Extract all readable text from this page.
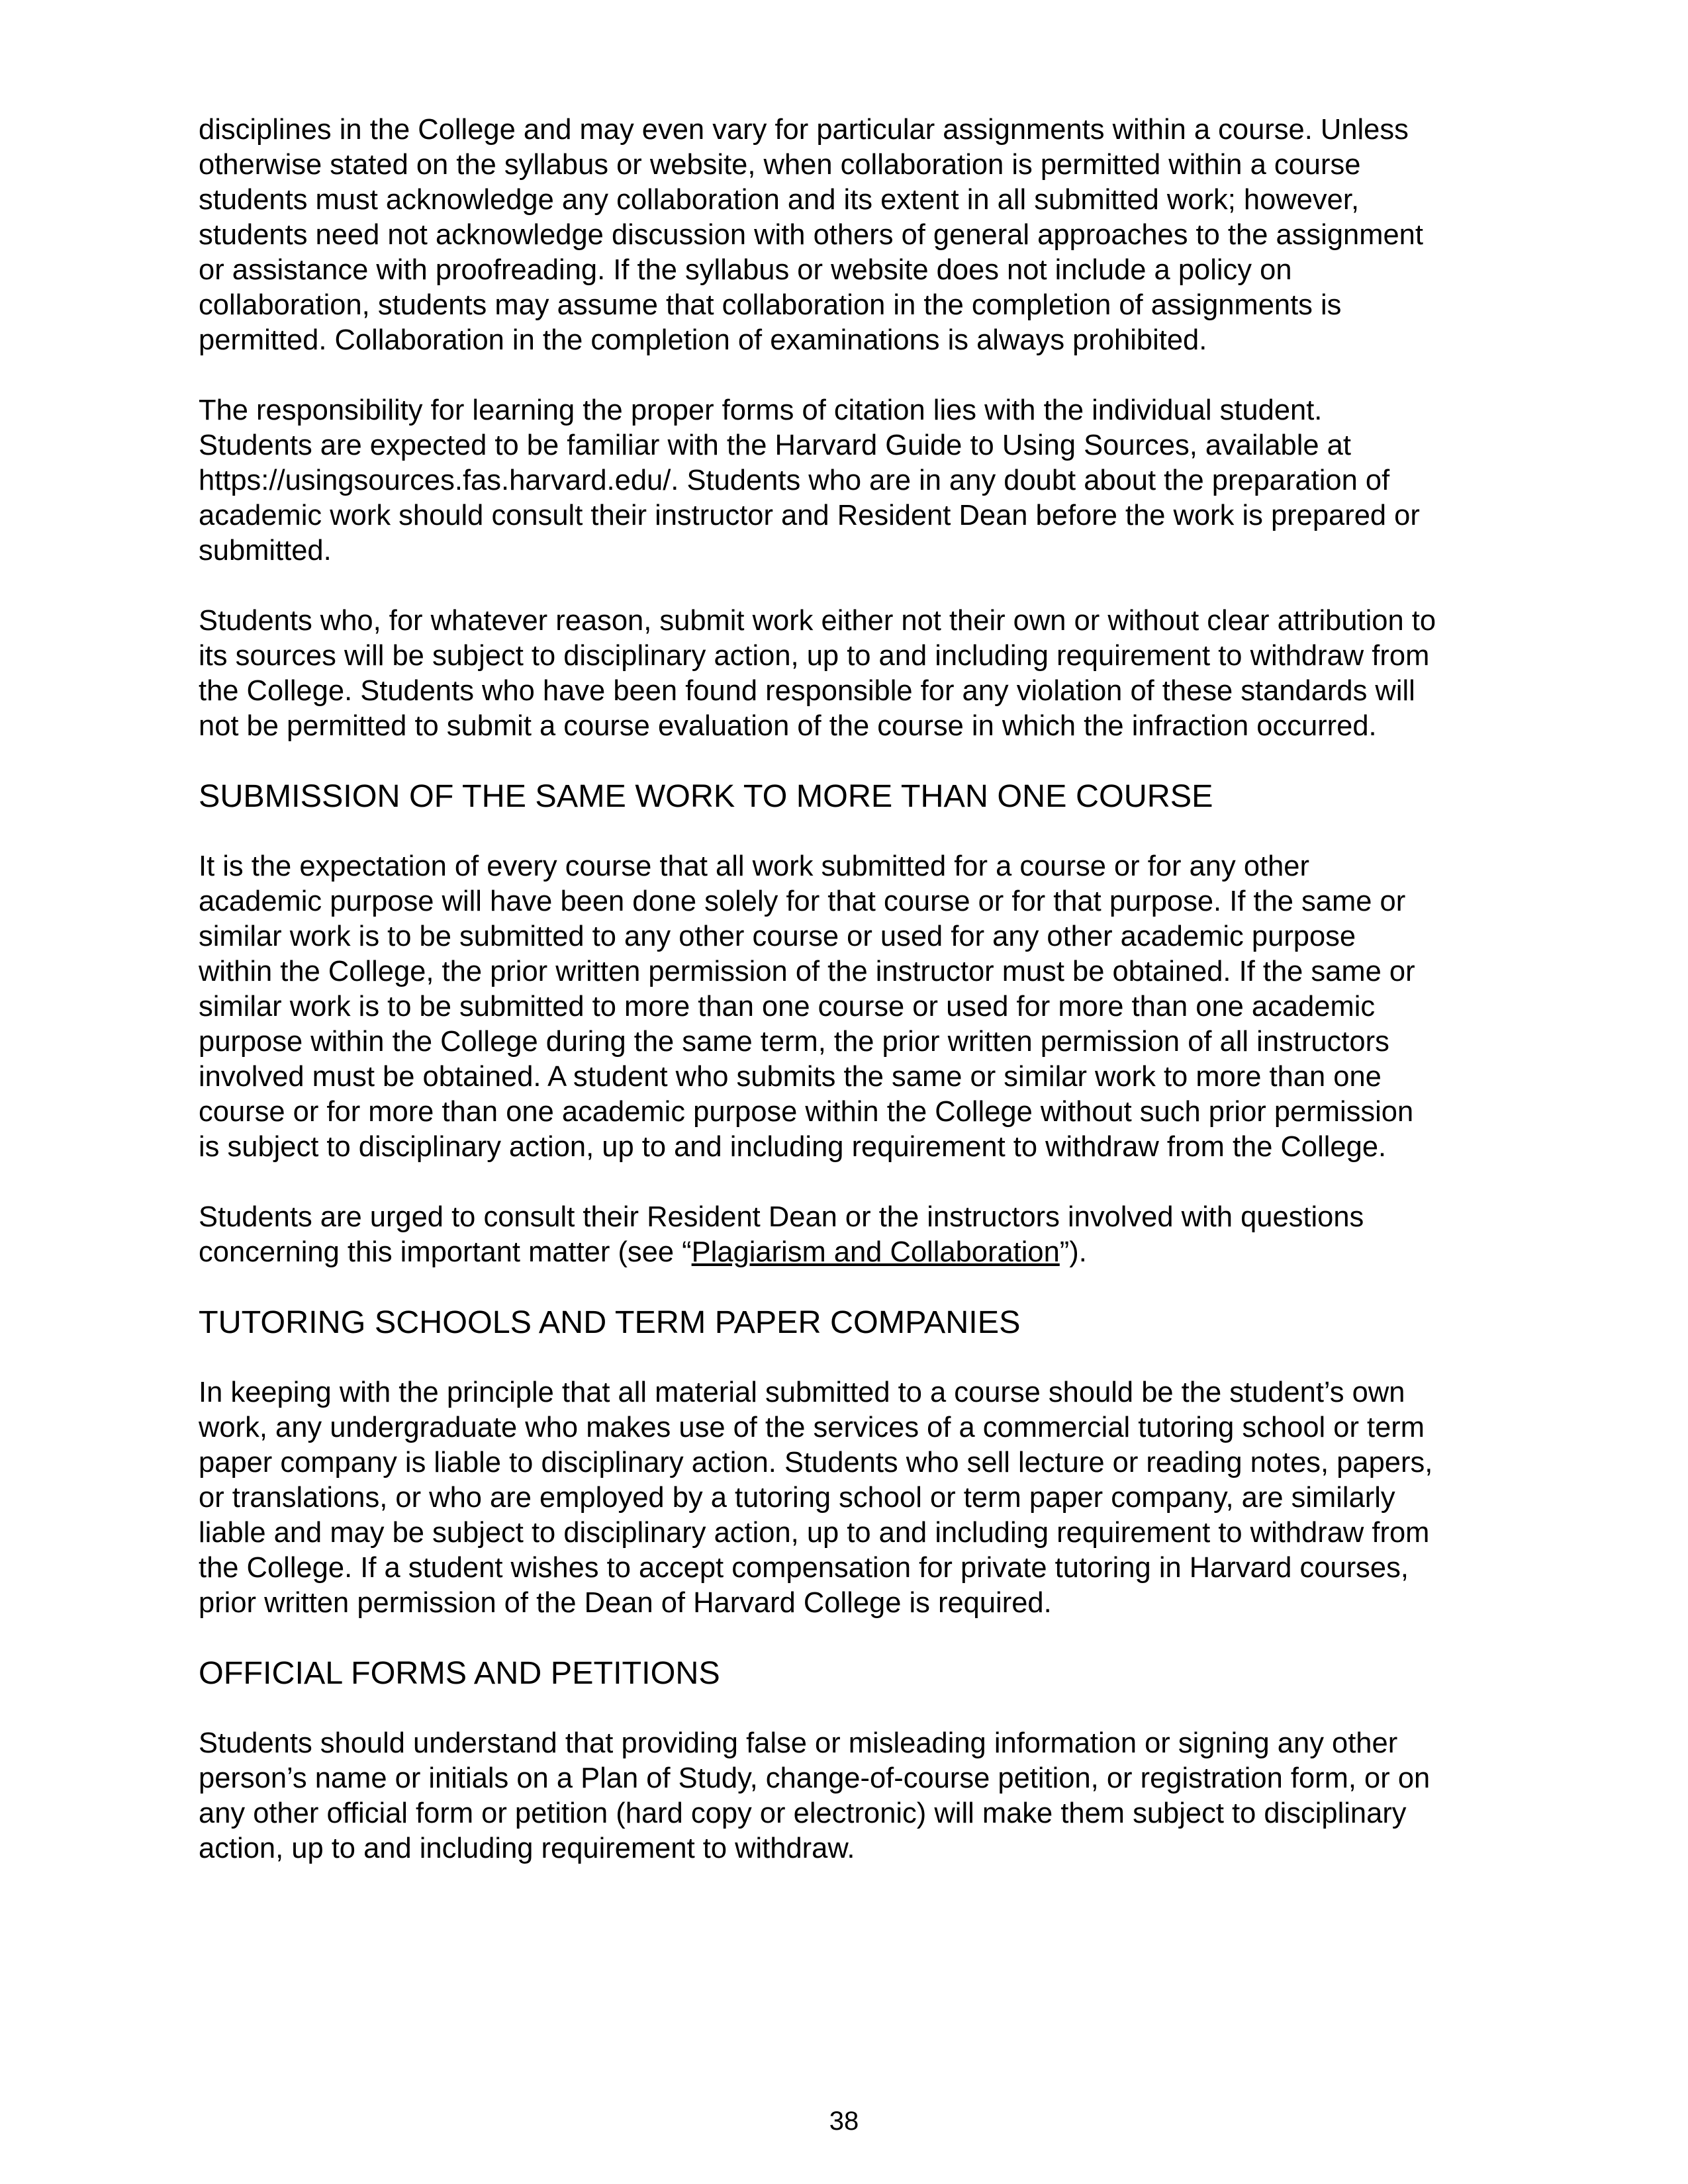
disciplines in the College and may even vary for particular assignments within a course. Unless
otherwise stated on the syllabus or website, when collaboration is permitted within a course
students must acknowledge any collaboration and its extent in all submitted work; however,
students need not acknowledge discussion with others of general approaches to the assignment
or assistance with proofreading. If the syllabus or website does not include a policy on
collaboration, students may assume that collaboration in the completion of assignments is
permitted. Collaboration in the completion of examinations is always prohibited.

The responsibility for learning the proper forms of citation lies with the individual student.
Students are expected to be familiar with the Harvard Guide to Using Sources, available at
https://usingsources.fas.harvard.edu/. Students who are in any doubt about the preparation of
academic work should consult their instructor and Resident Dean before the work is prepared or
submitted.

Students who, for whatever reason, submit work either not their own or without clear attribution to
its sources will be subject to disciplinary action, up to and including requirement to withdraw from
the College. Students who have been found responsible for any violation of these standards will
not be permitted to submit a course evaluation of the course in which the infraction occurred.

SUBMISSION OF THE SAME WORK TO MORE THAN ONE COURSE

It is the expectation of every course that all work submitted for a course or for any other
academic purpose will have been done solely for that course or for that purpose. If the same or
similar work is to be submitted to any other course or used for any other academic purpose
within the College, the prior written permission of the instructor must be obtained. If the same or
similar work is to be submitted to more than one course or used for more than one academic
purpose within the College during the same term, the prior written permission of all instructors
involved must be obtained. A student who submits the same or similar work to more than one
course or for more than one academic purpose within the College without such prior permission
is subject to disciplinary action, up to and including requirement to withdraw from the College.

Students are urged to consult their Resident Dean or the instructors involved with questions
concerning this important matter (see “Plagiarism and Collaboration”).

TUTORING SCHOOLS AND TERM PAPER COMPANIES

In keeping with the principle that all material submitted to a course should be the student’s own
work, any undergraduate who makes use of the services of a commercial tutoring school or term
paper company is liable to disciplinary action. Students who sell lecture or reading notes, papers,
or translations, or who are employed by a tutoring school or term paper company, are similarly
liable and may be subject to disciplinary action, up to and including requirement to withdraw from
the College. If a student wishes to accept compensation for private tutoring in Harvard courses,
prior written permission of the Dean of Harvard College is required.

OFFICIAL FORMS AND PETITIONS

Students should understand that providing false or misleading information or signing any other
person’s name or initials on a Plan of Study, change-of-course petition, or registration form, or on
any other official form or petition (hard copy or electronic) will make them subject to disciplinary
action, up to and including requirement to withdraw.

38
